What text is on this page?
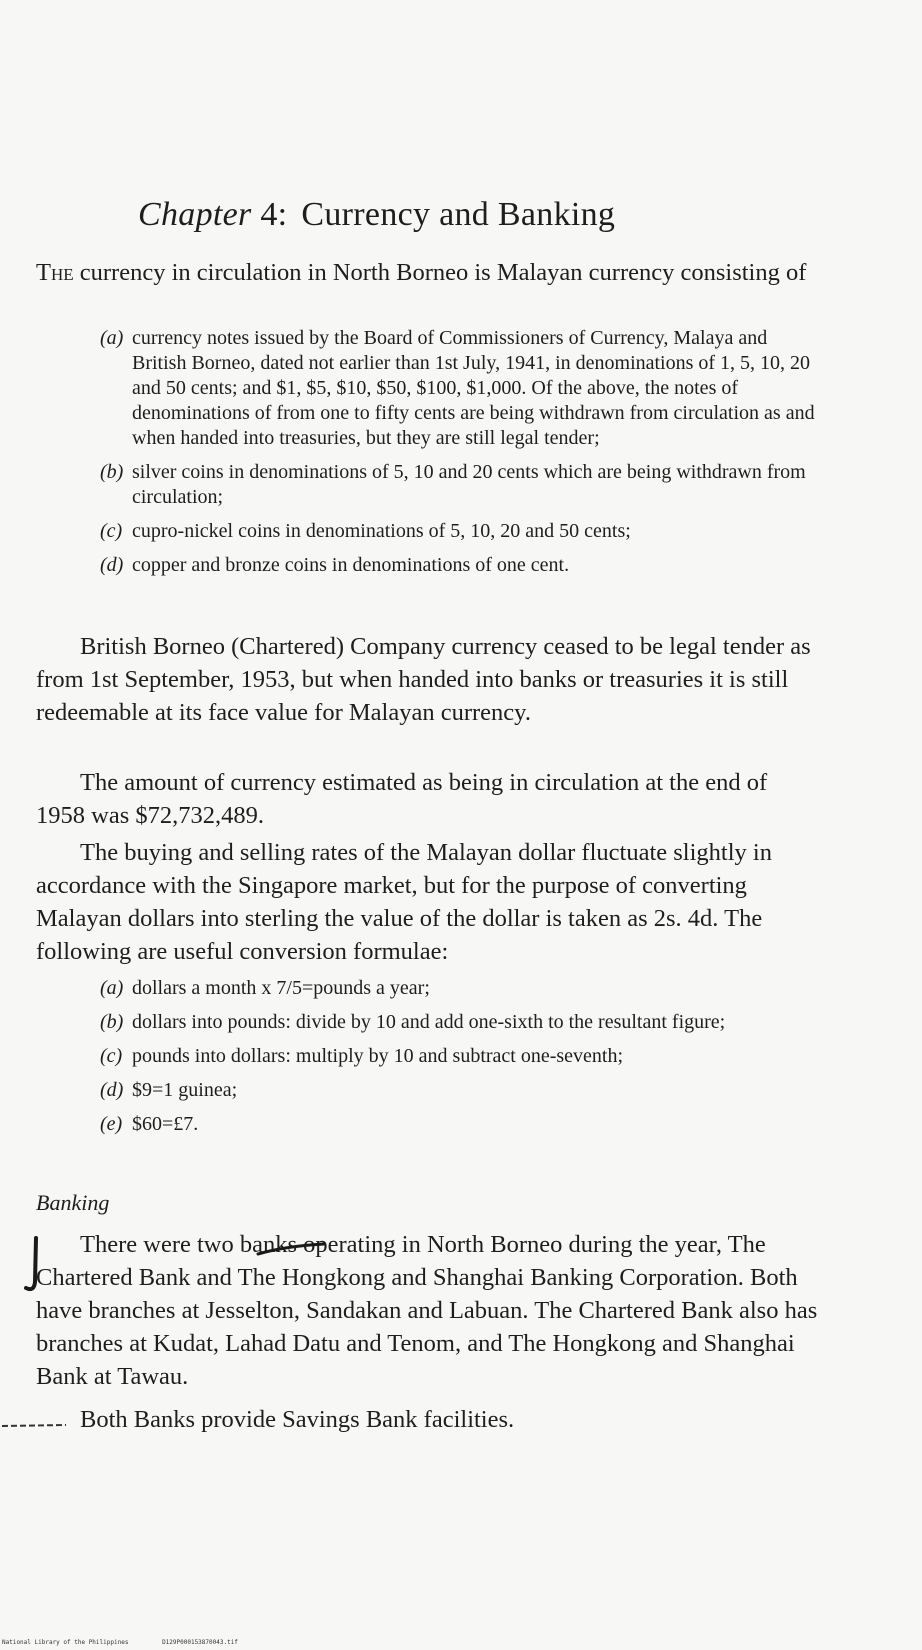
Chapter 4: Currency and Banking
The currency in circulation in North Borneo is Malayan currency consisting of
(a) currency notes issued by the Board of Commissioners of Currency, Malaya and British Borneo, dated not earlier than 1st July, 1941, in denominations of 1, 5, 10, 20 and 50 cents; and $1, $5, $10, $50, $100, $1,000. Of the above, the notes of denominations of from one to fifty cents are being withdrawn from circulation as and when handed into treasuries, but they are still legal tender;
(b) silver coins in denominations of 5, 10 and 20 cents which are being withdrawn from circulation;
(c) cupro-nickel coins in denominations of 5, 10, 20 and 50 cents;
(d) copper and bronze coins in denominations of one cent.
British Borneo (Chartered) Company currency ceased to be legal tender as from 1st September, 1953, but when handed into banks or treasuries it is still redeemable at its face value for Malayan currency.
The amount of currency estimated as being in circulation at the end of 1958 was $72,732,489.
The buying and selling rates of the Malayan dollar fluctuate slightly in accordance with the Singapore market, but for the purpose of converting Malayan dollars into sterling the value of the dollar is taken as 2s. 4d. The following are useful conversion formulae:
(a) dollars a month x 7/5=pounds a year;
(b) dollars into pounds: divide by 10 and add one-sixth to the resultant figure;
(c) pounds into dollars: multiply by 10 and subtract one-seventh;
(d) $9=1 guinea;
(e) $60=£7.
Banking
There were two banks operating in North Borneo during the year, The Chartered Bank and The Hongkong and Shanghai Banking Corporation. Both have branches at Jesselton, Sandakan and Labuan. The Chartered Bank also has branches at Kudat, Lahad Datu and Tenom, and The Hongkong and Shanghai Bank at Tawau.
Both Banks provide Savings Bank facilities.
National Library of the Philippines	D129P000153870043.tif
